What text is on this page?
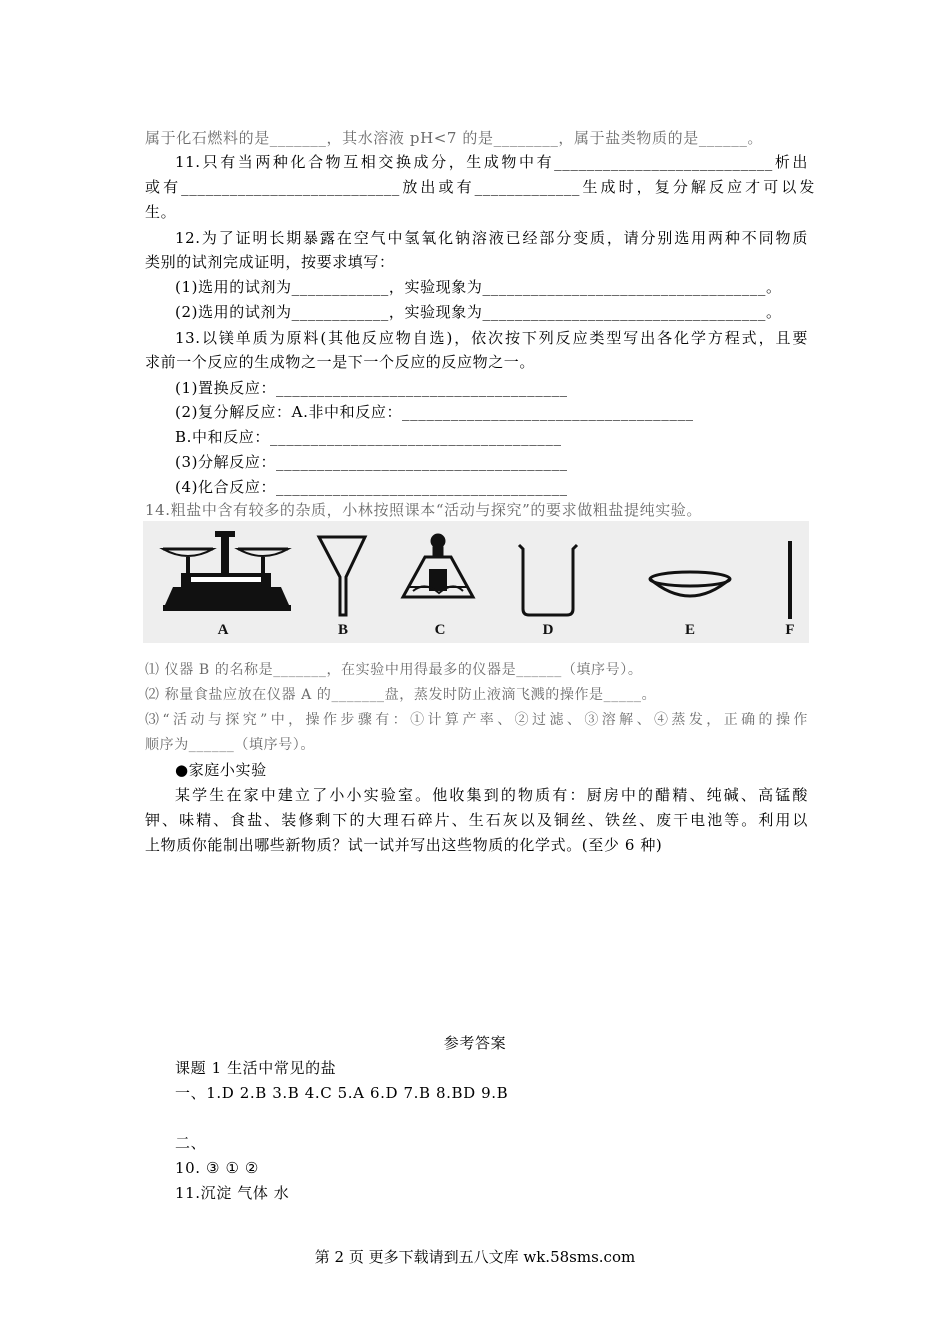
属于化石燃料的是_______，其水溶液 pH<7 的是________，属于盐类物质的是______。
11.只有当两种化合物互相交换成分，生成物中有___________________________析出
或有___________________________放出或有_____________生成时，复分解反应才可以发
生。
12.为了证明长期暴露在空气中氢氧化钠溶液已经部分变质，请分别选用两种不同物质
类别的试剂完成证明，按要求填写：
(1)选用的试剂为____________，实验现象为___________________________________。
(2)选用的试剂为____________，实验现象为___________________________________。
13.以镁单质为原料(其他反应物自选)，依次按下列反应类型写出各化学方程式，且要
求前一个反应的生成物之一是下一个反应的反应物之一。
(1)置换反应：____________________________________
(2)复分解反应：A.非中和反应：____________________________________
B.中和反应：____________________________________
(3)分解反应：____________________________________
(4)化合反应：____________________________________
14.粗盐中含有较多的杂质，小林按照课本“活动与探究”的要求做粗盐提纯实验。
A	B	C	D	E	F
⑴ 仪器 B 的名称是_______，在实验中用得最多的仪器是______（填序号）。
⑵ 称量食盐应放在仪器 A 的_______盘，蒸发时防止液滴飞溅的操作是_____。
⑶“活动与探究”中，操作步骤有：①计算产率、②过滤、③溶解、④蒸发，正确的操作
顺序为______（填序号）。
●家庭小实验
某学生在家中建立了小小实验室。他收集到的物质有：厨房中的醋精、纯碱、高锰酸
钾、味精、食盐、装修剩下的大理石碎片、生石灰以及铜丝、铁丝、废干电池等。利用以
上物质你能制出哪些新物质？试一试并写出这些物质的化学式。(至少 6 种)
参考答案
课题 1 生活中常见的盐
一、1.D 2.B 3.B 4.C 5.A 6.D 7.B 8.BD 9.B
二、
10. ③ ① ②
11.沉淀 气体 水
第 2 页 更多下载请到五八文库 wk.58sms.com
